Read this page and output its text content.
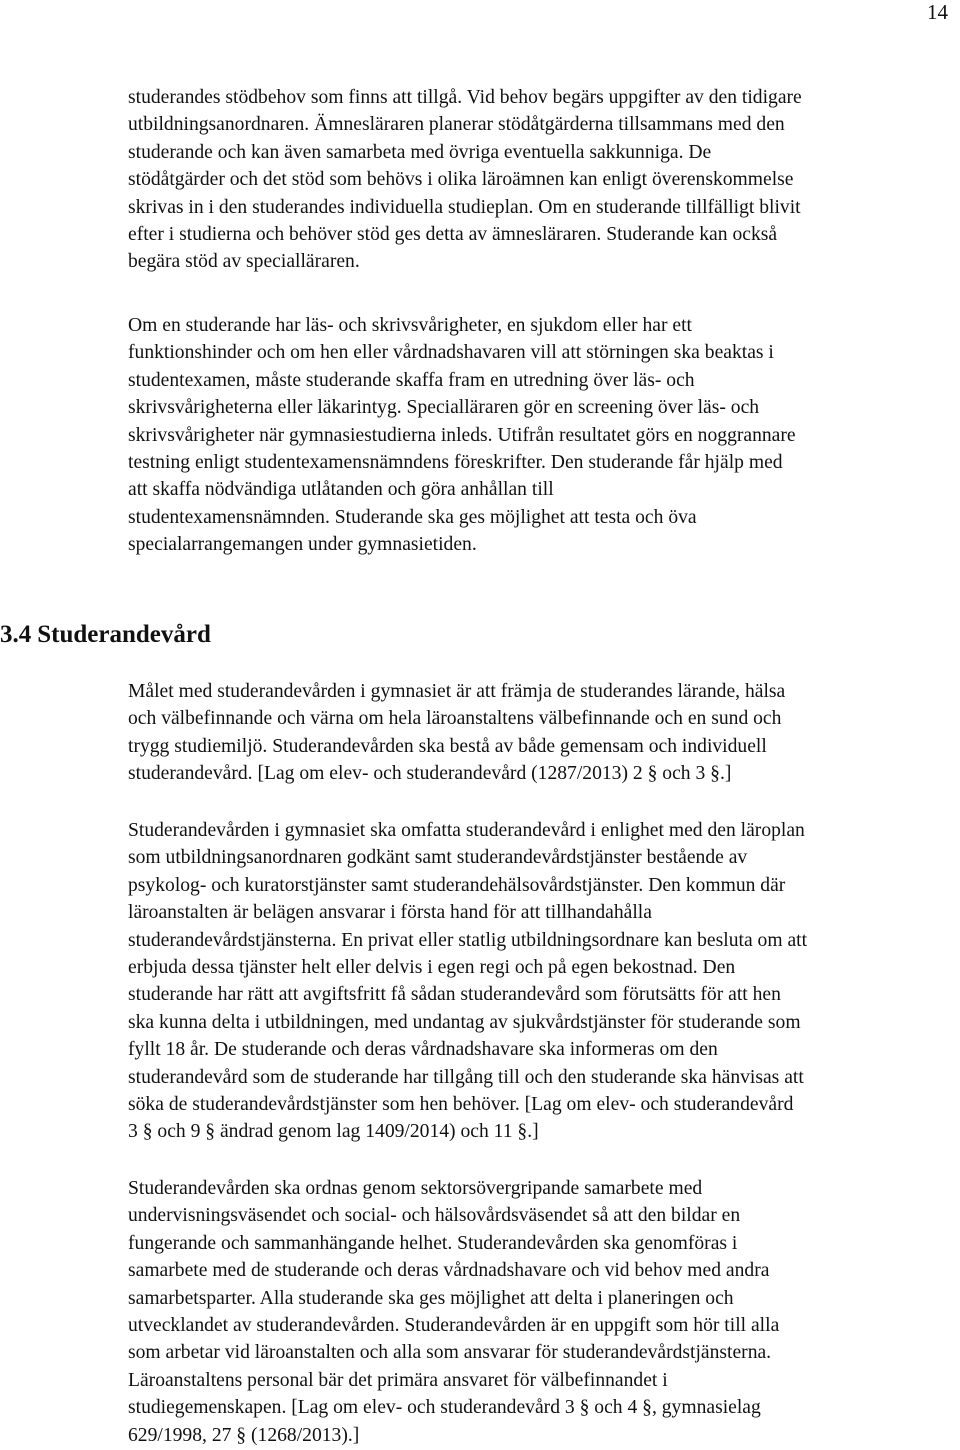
14

studerandes stödbehov som finns att tillgå. Vid behov begärs uppgifter av den tidigare
utbildningsanordnaren. Ämnesläraren planerar stödåtgärderna tillsammans med den
studerande och kan även samarbeta med övriga eventuella sakkunniga. De
stödåtgärder och det stöd som behövs i olika läroämnen kan enligt överenskommelse
skrivas in i den studerandes individuella studieplan. Om en studerande tillfälligt blivit
efter i studierna och behöver stöd ges detta av ämnesläraren. Studerande kan också
begära stöd av specialläraren.

Om en studerande har läs- och skrivsvårigheter, en sjukdom eller har ett
funktionshinder och om hen eller vårdnadshavaren vill att störningen ska beaktas i
studentexamen, måste studerande skaffa fram en utredning över läs- och
skrivsvårigheterna eller läkarintyg. Specialläraren gör en screening över läs- och
skrivsvårigheter när gymnasiestudierna inleds. Utifrån resultatet görs en noggrannare
testning enligt studentexamensnämndens föreskrifter. Den studerande får hjälp med
att skaffa nödvändiga utlåtanden och göra anhållan till
studentexamensnämnden. Studerande ska ges möjlighet att testa och öva
specialarrangemangen under gymnasietiden.

3.4 Studerandevård

Målet med studerandevården i gymnasiet är att främja de studerandes lärande, hälsa
och välbefinnande och värna om hela läroanstaltens välbefinnande och en sund och
trygg studiemiljö. Studerandevården ska bestå av både gemensam och individuell
studerandevård. [Lag om elev- och studerandevård (1287/2013) 2 § och 3 §.]

Studerandevården i gymnasiet ska omfatta studerandevård i enlighet med den läroplan
som utbildningsanordnaren godkänt samt studerandevårdstjänster bestående av
psykolog- och kuratorstjänster samt studerandehälsovårdstjänster. Den kommun där
läroanstalten är belägen ansvarar i första hand för att tillhandahålla
studerandevårdstjänsterna. En privat eller statlig utbildningsordnare kan besluta om att
erbjuda dessa tjänster helt eller delvis i egen regi och på egen bekostnad. Den
studerande har rätt att avgiftsfritt få sådan studerandevård som förutsätts för att hen
ska kunna delta i utbildningen, med undantag av sjukvårdstjänster för studerande som
fyllt 18 år. De studerande och deras vårdnadshavare ska informeras om den
studerandevård som de studerande har tillgång till och den studerande ska hänvisas att
söka de studerandevårdstjänster som hen behöver. [Lag om elev- och studerandevård
3 § och 9 § ändrad genom lag 1409/2014) och 11 §.]

Studerandevården ska ordnas genom sektorsövergripande samarbete med
undervisningsväsendet och social- och hälsovårdsväsendet så att den bildar en
fungerande och sammanhängande helhet. Studerandevården ska genomföras i
samarbete med de studerande och deras vårdnadshavare och vid behov med andra
samarbetsparter. Alla studerande ska ges möjlighet att delta i planeringen och
utvecklandet av studerandevården. Studerandevården är en uppgift som hör till alla
som arbetar vid läroanstalten och alla som ansvarar för studerandevårdstjänsterna.
Läroanstaltens personal bär det primära ansvaret för välbefinnandet i
studiegemenskapen. [Lag om elev- och studerandevård 3 § och 4 §, gymnasielag
629/1998, 27 § (1268/2013).]
